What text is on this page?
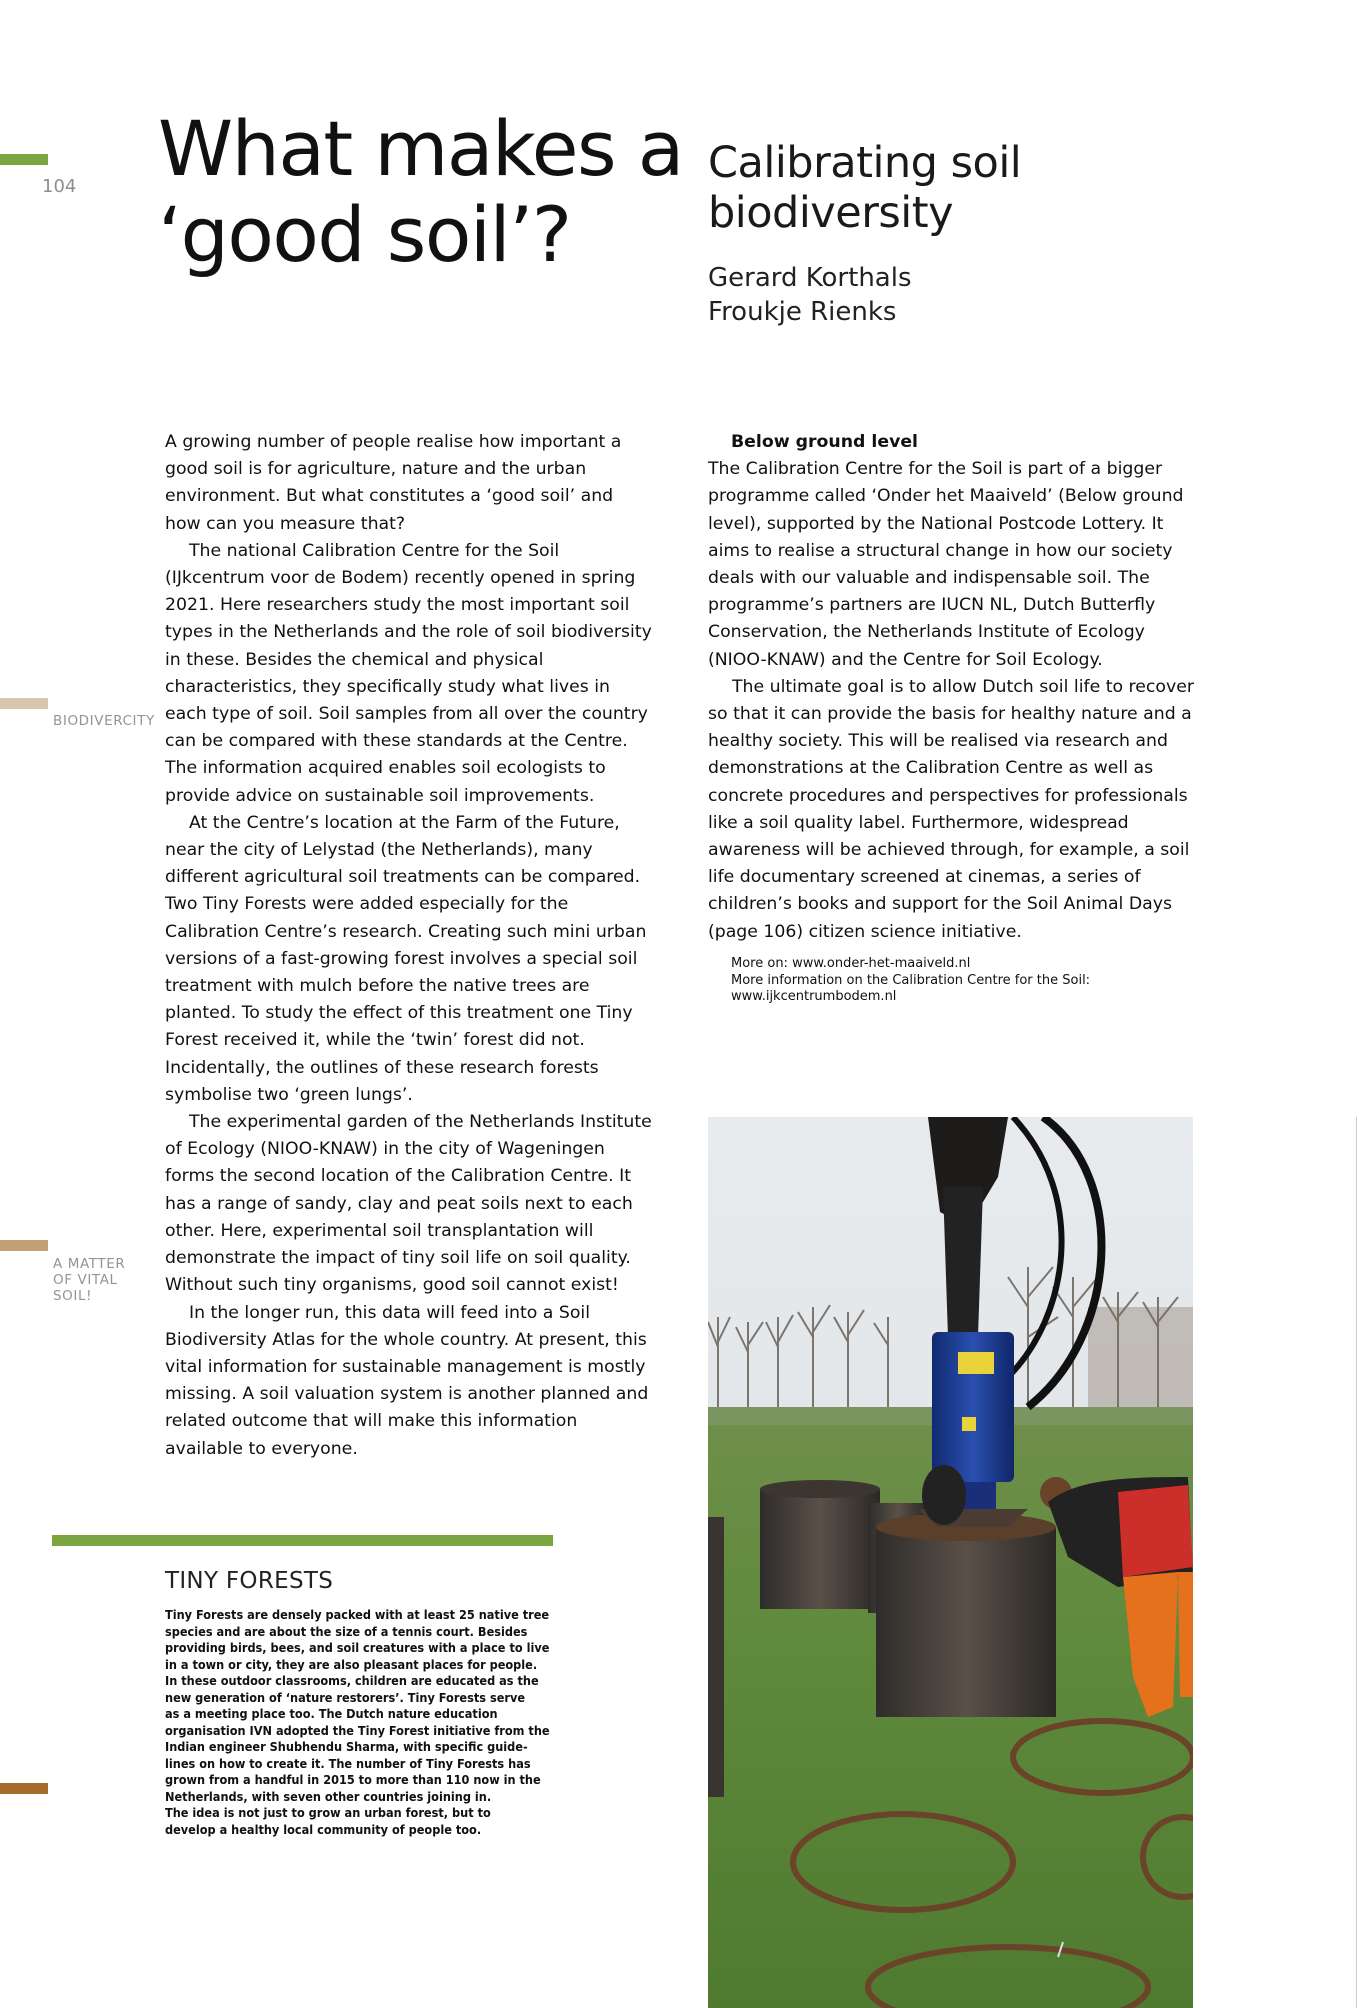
104
BIODIVERCITY
A MATTER
OF VITAL
SOIL!
What makes a
‘good soil’?
Calibrating soil
biodiversity
Gerard Korthals
Froukje Rienks

A growing number of people realise how important a good soil is for agriculture, nature and the urban environment. But what constitutes a ‘good soil’ and how can you measure that?

The national Calibration Centre for the Soil (IJkcentrum voor de Bodem) recently opened in spring 2021. Here researchers study the most important soil types in the Netherlands and the role of soil biodiversity in these. Besides the chemical and physical characteristics, they specifically study what lives in each type of soil. Soil samples from all over the country can be compared with these standards at the Centre. The information acquired enables soil ecologists to provide advice on sustainable soil improvements.

At the Centre’s location at the Farm of the Future, near the city of Lelystad (the Netherlands), many different agricultural soil treatments can be compared. Two Tiny Forests were added especially for the Calibration Centre’s research. Creating such mini urban versions of a fast-growing forest involves a special soil treatment with mulch before the native trees are planted. To study the effect of this treatment one Tiny Forest received it, while the ‘twin’ forest did not. Incidentally, the outlines of these research forests symbolise two ‘green lungs’.

The experimental garden of the Netherlands Institute of Ecology (NIOO-KNAW) in the city of Wageningen forms the second location of the Calibration Centre. It has a range of sandy, clay and peat soils next to each other. Here, experimental soil transplantation will demonstrate the impact of tiny soil life on soil quality. Without such tiny organisms, good soil cannot exist!

In the longer run, this data will feed into a Soil Biodiversity Atlas for the whole country. At present, this vital information for sustainable management is mostly missing. A soil valuation system is another planned and related outcome that will make this information available to everyone.

Below ground level

The Calibration Centre for the Soil is part of a bigger programme called ‘Onder het Maaiveld’ (Below ground level), supported by the National Postcode Lottery. It aims to realise a structural change in how our society deals with our valuable and indispensable soil. The programme’s partners are IUCN NL, Dutch Butterfly Conservation, the Netherlands Institute of Ecology (NIOO-KNAW) and the Centre for Soil Ecology.

The ultimate goal is to allow Dutch soil life to recover so that it can provide the basis for healthy nature and a healthy society. This will be realised via research and demonstrations at the Calibration Centre as well as concrete procedures and perspectives for professionals like a soil quality label. Furthermore, widespread awareness will be achieved through, for example, a soil life documentary screened at cinemas, a series of children’s books and support for the Soil Animal Days (page 106) citizen science initiative.

More on: www.onder-het-maaiveld.nl
More information on the Calibration Centre for the Soil:
www.ijkcentrumbodem.nl
TINY FORESTS

Tiny Forests are densely packed with at least 25 native tree

species and are about the size of a tennis court. Besides

providing birds, bees, and soil creatures with a place to live

in a town or city, they are also pleasant places for people.

In these outdoor classrooms, children are educated as the

new generation of ‘nature restorers’. Tiny Forests serve

as a meeting place too. The Dutch nature education

organisation IVN adopted the Tiny Forest initiative from the

Indian engineer Shubhendu Sharma, with specific guide-

lines on how to create it. The number of Tiny Forests has

grown from a handful in 2015 to more than 110 now in the

Netherlands, with seven other countries joining in.

The idea is not just to grow an urban forest, but to

develop a healthy local community of people too.
